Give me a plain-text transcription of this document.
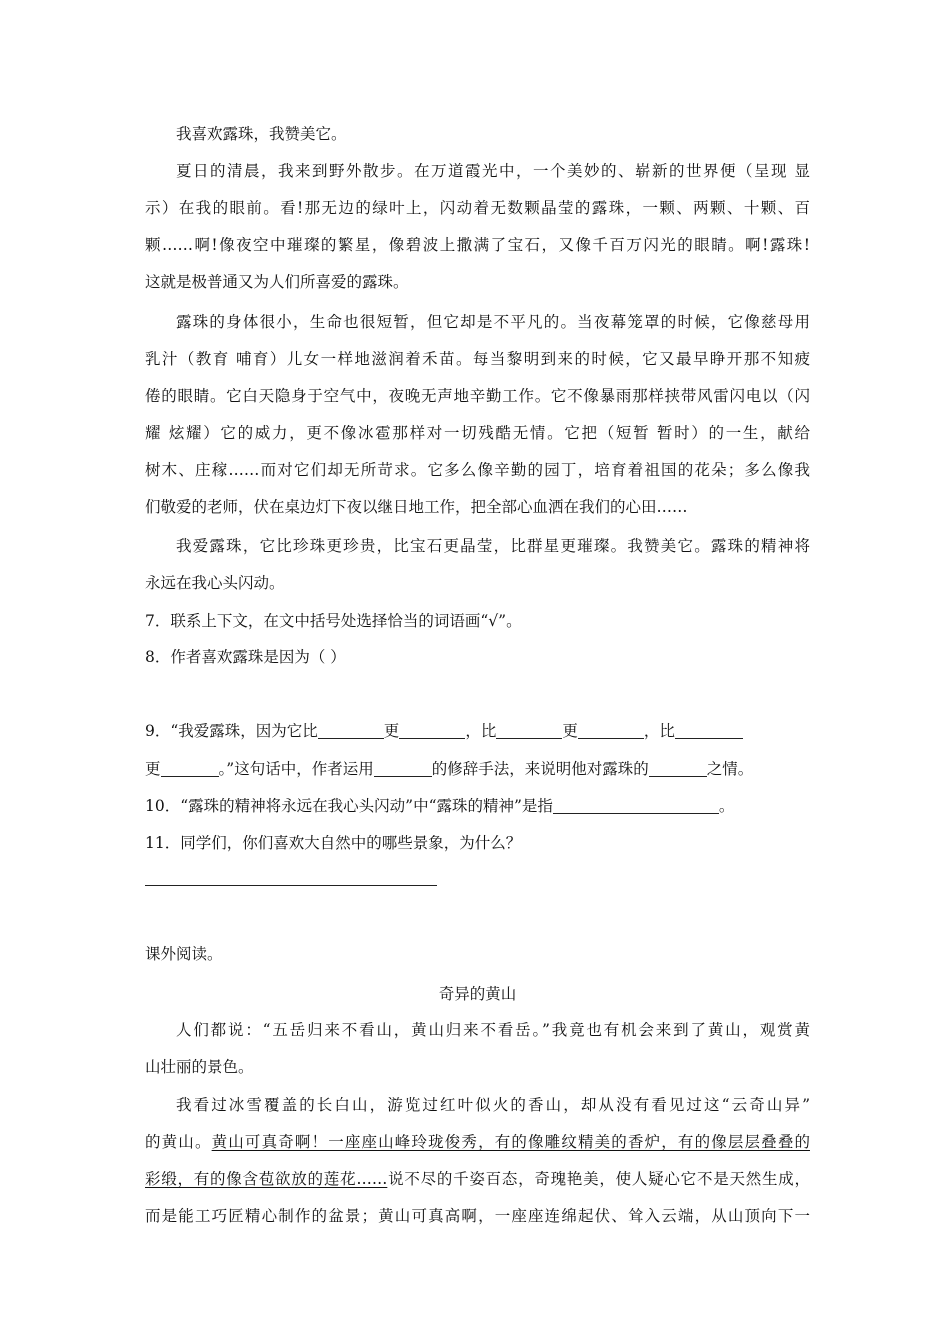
我喜欢露珠，我赞美它。
夏日的清晨，我来到野外散步。在万道霞光中，一个美妙的、崭新的世界便（呈现 显
示）在我的眼前。看!那无边的绿叶上，闪动着无数颗晶莹的露珠，一颗、两颗、十颗、百
颗……啊!像夜空中璀璨的繁星，像碧波上撒满了宝石，又像千百万闪光的眼睛。啊!露珠!
这就是极普通又为人们所喜爱的露珠。
露珠的身体很小，生命也很短暂，但它却是不平凡的。当夜幕笼罩的时候，它像慈母用
乳汁（教育 哺育）儿女一样地滋润着禾苗。每当黎明到来的时候，它又最早睁开那不知疲
倦的眼睛。它白天隐身于空气中，夜晚无声地辛勤工作。它不像暴雨那样挟带风雷闪电以（闪
耀 炫耀）它的威力，更不像冰雹那样对一切残酷无情。它把（短暂 暂时）的一生，献给
树木、庄稼……而对它们却无所苛求。它多么像辛勤的园丁，培育着祖国的花朵；多么像我
们敬爱的老师，伏在桌边灯下夜以继日地工作，把全部心血洒在我们的心田……
我爱露珠，它比珍珠更珍贵，比宝石更晶莹，比群星更璀璨。我赞美它。露珠的精神将
永远在我心头闪动。
7．联系上下文，在文中括号处选择恰当的词语画“√”。
8．作者喜欢露珠是因为（ ）
9．“我爱露珠，因为它比	更	，比	更	，比
更	。”这句话中，作者运用	的修辞手法，来说明他对露珠的	之情。
10．“露珠的精神将永远在我心头闪动”中“露珠的精神”是指	。
11．同学们，你们喜欢大自然中的哪些景象，为什么？
课外阅读。
奇异的黄山
人们都说：“五岳归来不看山，黄山归来不看岳。”我竟也有机会来到了黄山，观赏黄
山壮丽的景色。
我看过冰雪覆盖的长白山，游览过红叶似火的香山，却从没有看见过这“云奇山异”
的黄山。黄山可真奇啊！一座座山峰玲珑俊秀，有的像雕纹精美的香炉，有的像层层叠叠的
彩缎，有的像含苞欲放的莲花……说不尽的千姿百态，奇瑰艳美，使人疑心它不是天然生成，
而是能工巧匠精心制作的盆景；黄山可真高啊，一座座连绵起伏、耸入云端，从山顶向下一
